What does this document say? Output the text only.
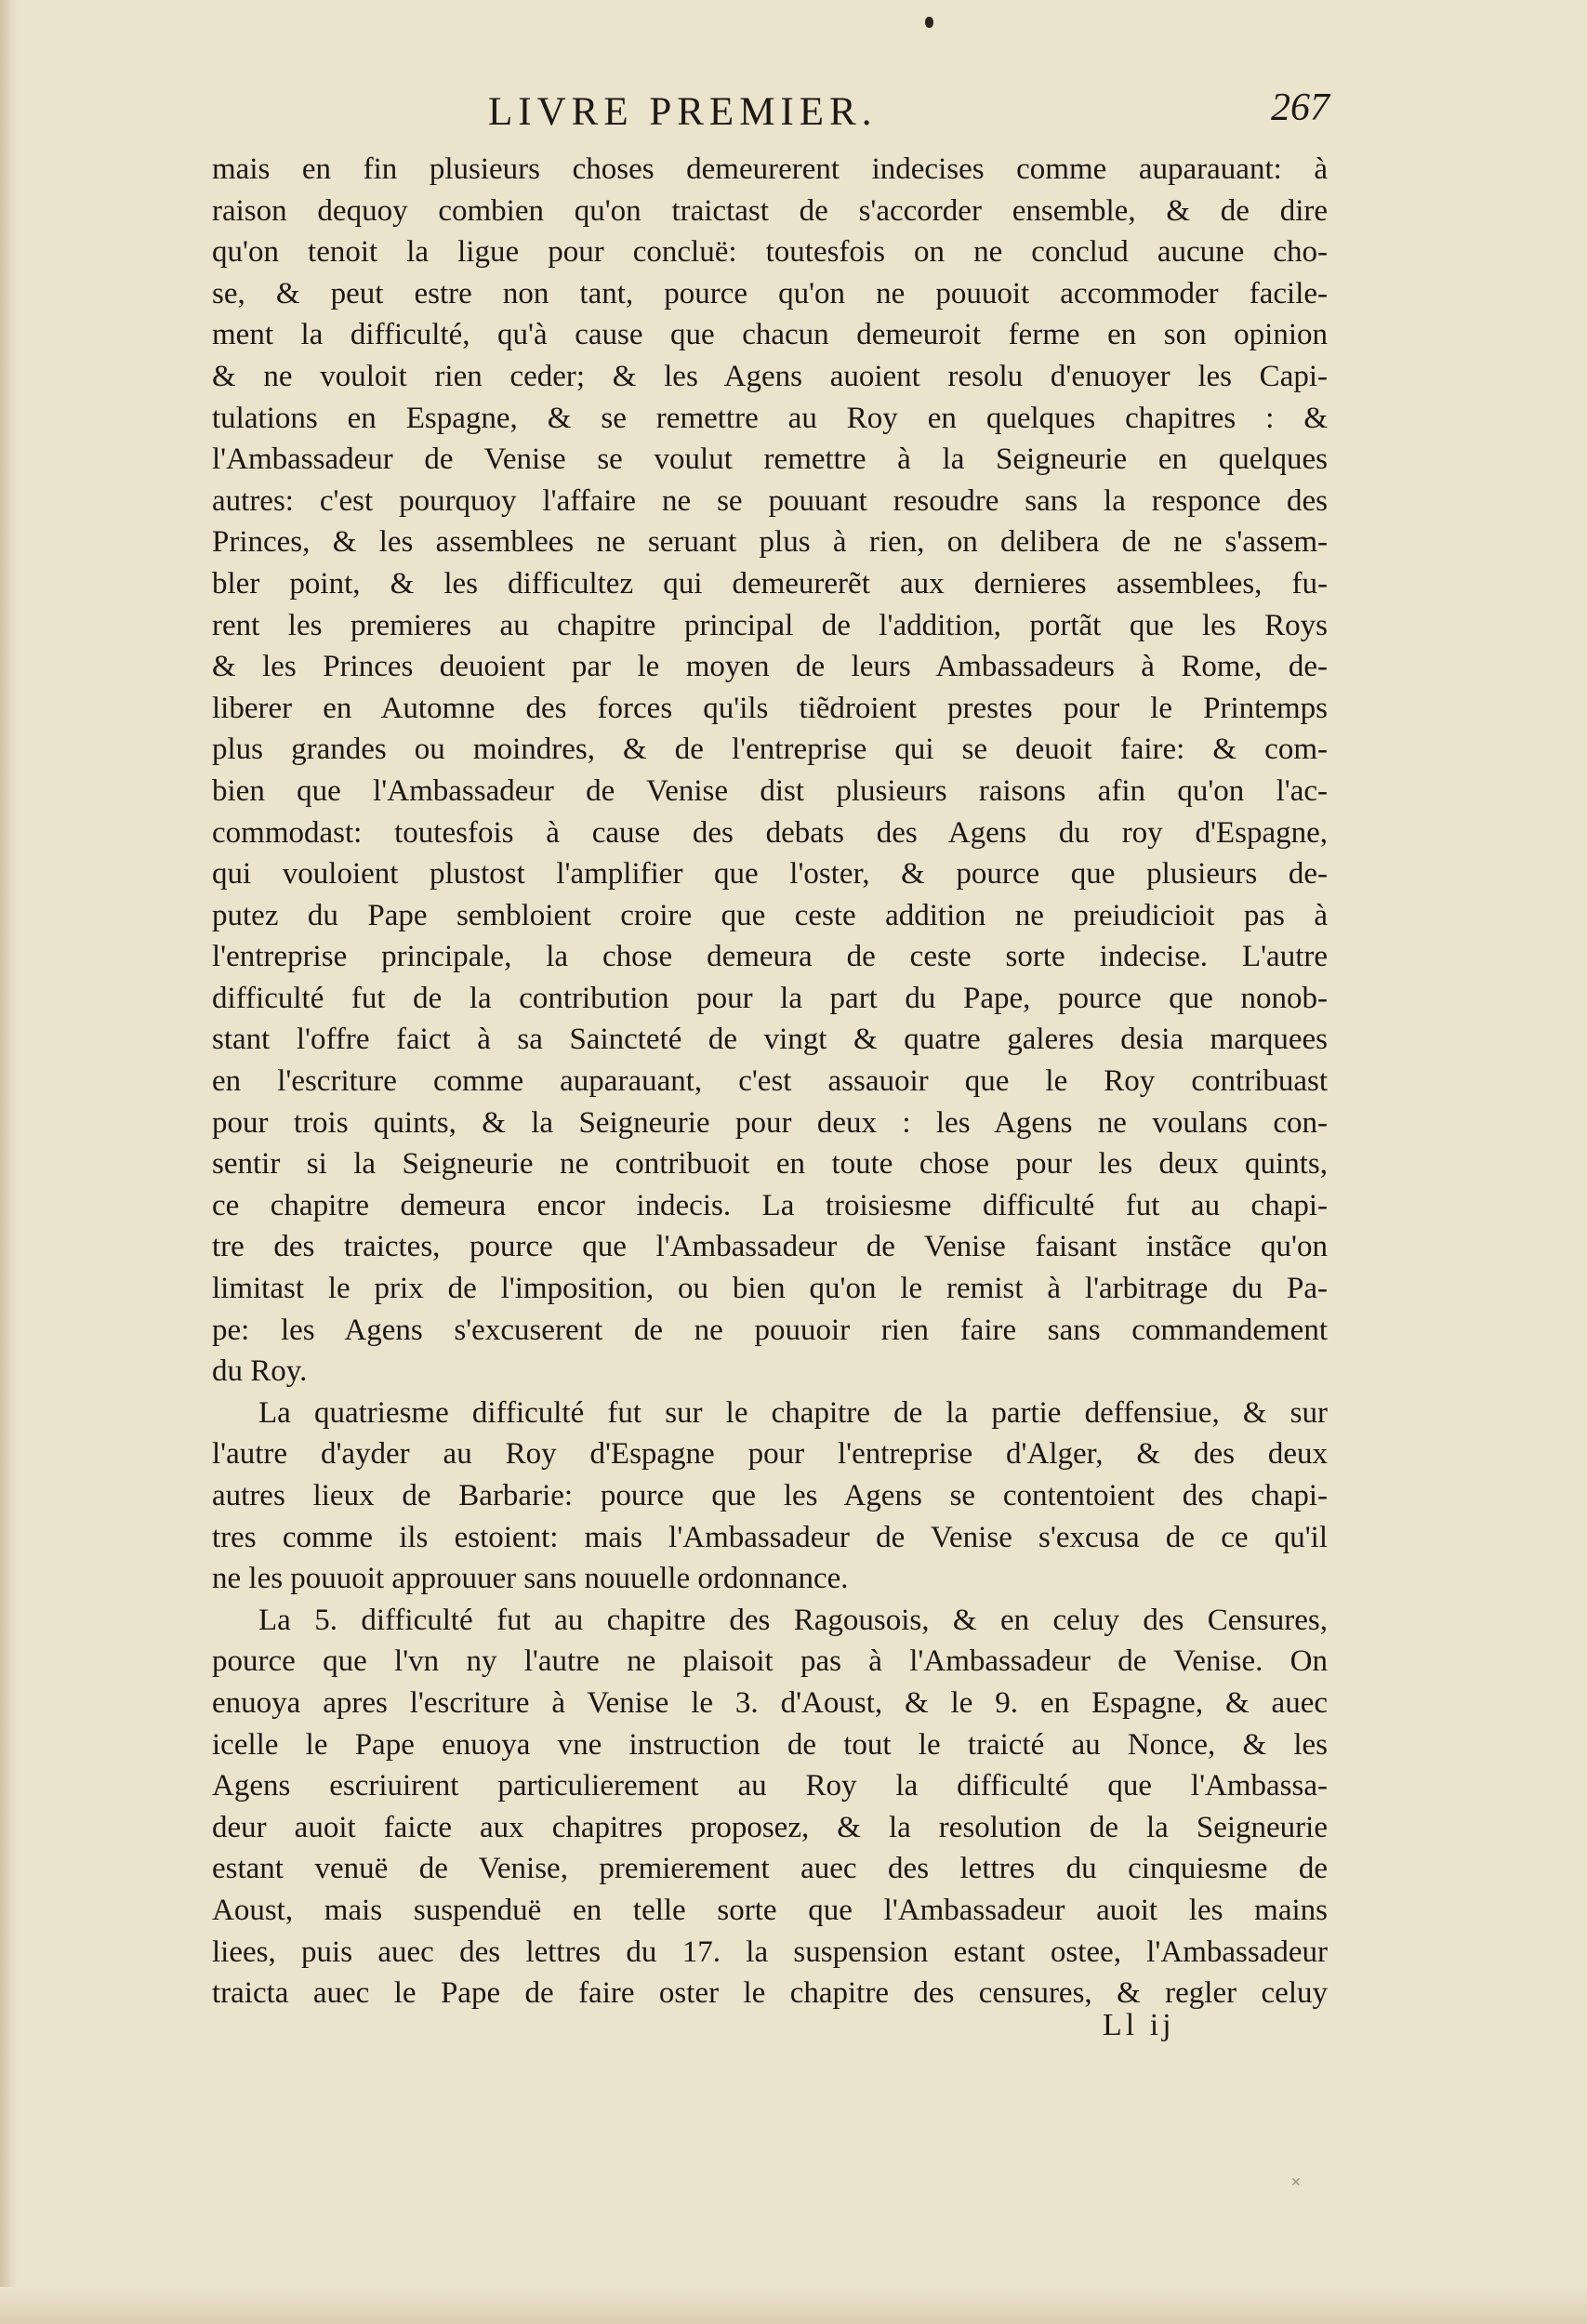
LIVRE PREMIER.	267
mais en fin plusieurs choses demeurerent indecises comme auparauant: à
raison dequoy combien qu'on traictast de s'accorder ensemble, & de dire
qu'on tenoit la ligue pour concluë: toutesfois on ne conclud aucune cho-
se, & peut estre non tant, pource qu'on ne pouuoit accommoder facile-
ment la difficulté, qu'à cause que chacun demeuroit ferme en son opinion
& ne vouloit rien ceder; & les Agens auoient resolu d'enuoyer les Capi-
tulations en Espagne, & se remettre au Roy en quelques chapitres : &
l'Ambassadeur de Venise se voulut remettre à la Seigneurie en quelques
autres: c'est pourquoy l'affaire ne se pouuant resoudre sans la responce des
Princes, & les assemblees ne seruant plus à rien, on delibera de ne s'assem-
bler point, & les difficultez qui demeurerẽt aux dernieres assemblees, fu-
rent les premieres au chapitre principal de l'addition, portãt que les Roys
& les Princes deuoient par le moyen de leurs Ambassadeurs à Rome, de-
liberer en Automne des forces qu'ils tiẽdroient prestes pour le Printemps
plus grandes ou moindres, & de l'entreprise qui se deuoit faire: & com-
bien que l'Ambassadeur de Venise dist plusieurs raisons afin qu'on l'ac-
commodast: toutesfois à cause des debats des Agens du roy d'Espagne,
qui vouloient plustost l'amplifier que l'oster, & pource que plusieurs de-
putez du Pape sembloient croire que ceste addition ne preiudicioit pas à
l'entreprise principale, la chose demeura de ceste sorte indecise. L'autre
difficulté fut de la contribution pour la part du Pape, pource que nonob-
stant l'offre faict à sa Saincteté de vingt & quatre galeres desia marquees
en l'escriture comme auparauant, c'est assauoir que le Roy contribuast
pour trois quints, & la Seigneurie pour deux : les Agens ne voulans con-
sentir si la Seigneurie ne contribuoit en toute chose pour les deux quints,
ce chapitre demeura encor indecis. La troisiesme difficulté fut au chapi-
tre des traictes, pource que l'Ambassadeur de Venise faisant instãce qu'on
limitast le prix de l'imposition, ou bien qu'on le remist à l'arbitrage du Pa-
pe: les Agens s'excuserent de ne pouuoir rien faire sans commandement
du Roy.
La quatriesme difficulté fut sur le chapitre de la partie deffensiue, & sur
l'autre d'ayder au Roy d'Espagne pour l'entreprise d'Alger, & des deux
autres lieux de Barbarie: pource que les Agens se contentoient des chapi-
tres comme ils estoient: mais l'Ambassadeur de Venise s'excusa de ce qu'il
ne les pouuoit approuuer sans nouuelle ordonnance.
La 5. difficulté fut au chapitre des Ragousois, & en celuy des Censures,
pource que l'vn ny l'autre ne plaisoit pas à l'Ambassadeur de Venise. On
enuoya apres l'escriture à Venise le 3. d'Aoust, & le 9. en Espagne, & auec
icelle le Pape enuoya vne instruction de tout le traicté au Nonce, & les
Agens escriuirent particulierement au Roy la difficulté que l'Ambassa-
deur auoit faicte aux chapitres proposez, & la resolution de la Seigneurie
estant venuë de Venise, premierement auec des lettres du cinquiesme de
Aoust, mais suspenduë en telle sorte que l'Ambassadeur auoit les mains
liees, puis auec des lettres du 17. la suspension estant ostee, l'Ambassadeur
traicta auec le Pape de faire oster le chapitre des censures, & regler celuy
Ll ij
✕
